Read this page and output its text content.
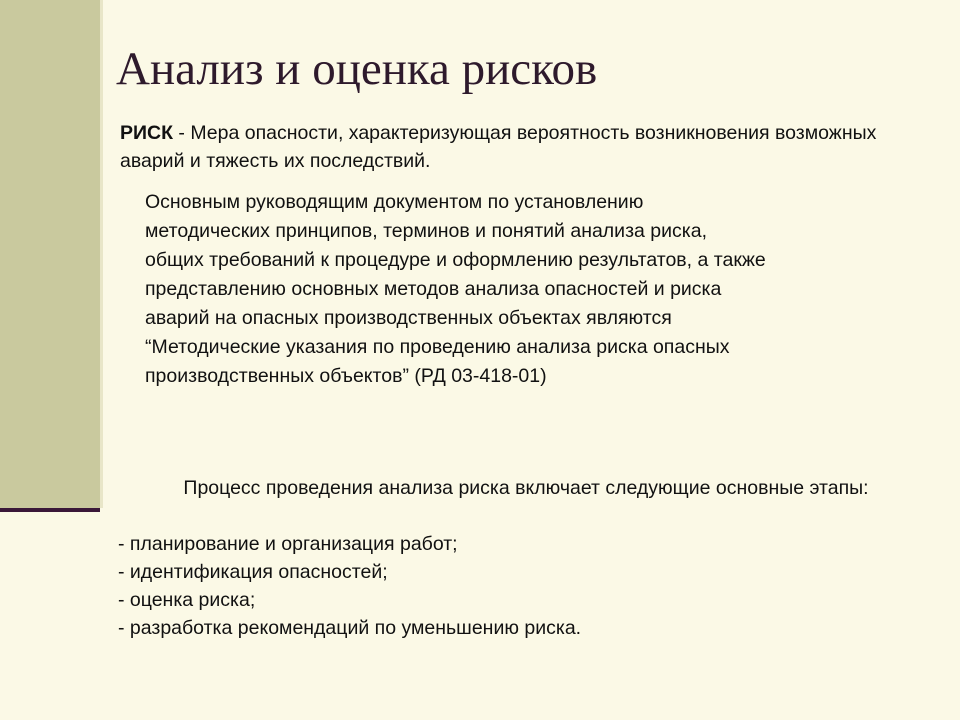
Анализ и оценка рисков

РИСК - Мера опасности, характеризующая вероятность возникновения возможных аварий и тяжесть их последствий.

Основным руководящим документом по установлению
методических принципов, терминов и понятий анализа риска,
общих требований к процедуре и оформлению результатов, а также
представлению основных методов анализа опасностей и риска
аварий на опасных производственных объектах являются
“Методические указания по проведению анализа риска опасных
производственных объектов” (РД 03-418-01)

Процесс проведения анализа риска включает следующие основные этапы:

- планирование и организация работ;
- идентификация опасностей;
- оценка риска;
- разработка рекомендаций по уменьшению риска.
